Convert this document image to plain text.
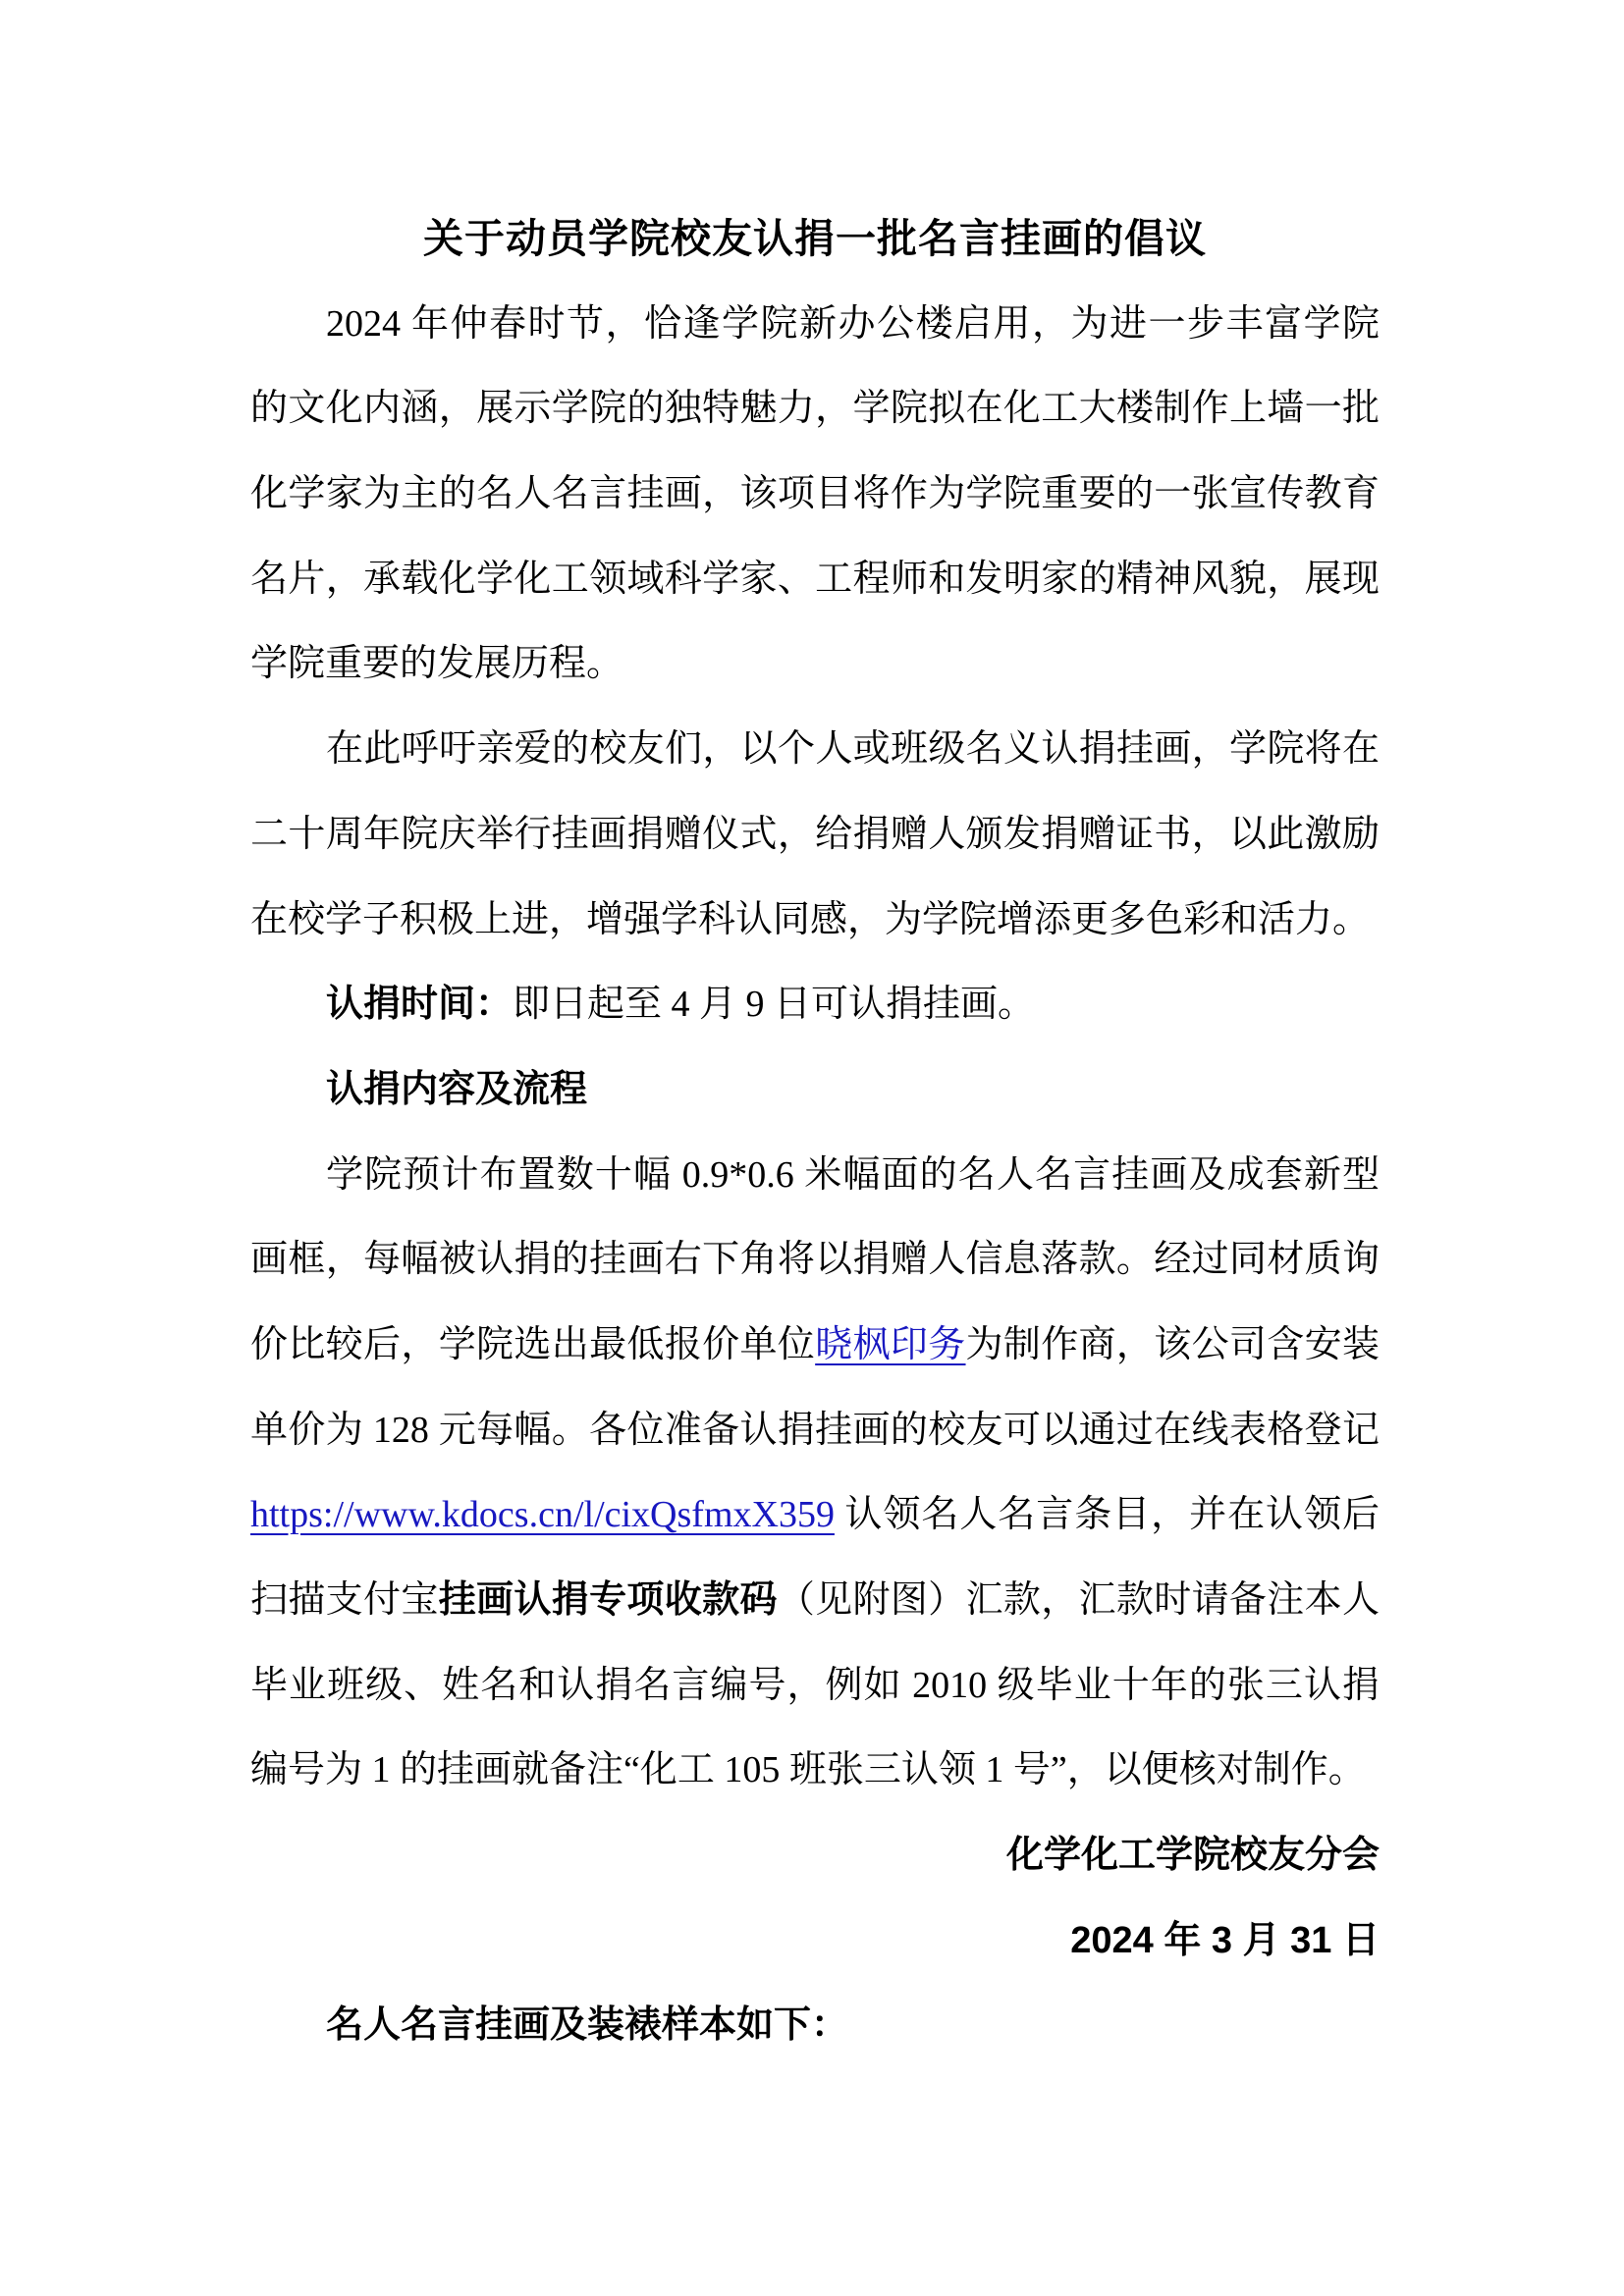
关于动员学院校友认捐一批名言挂画的倡议
2024 年仲春时节，恰逢学院新办公楼启用，为进一步丰富学院
的文化内涵，展示学院的独特魅力，学院拟在化工大楼制作上墙一批
化学家为主的名人名言挂画，该项目将作为学院重要的一张宣传教育
名片，承载化学化工领域科学家、工程师和发明家的精神风貌，展现
学院重要的发展历程。
在此呼吁亲爱的校友们，以个人或班级名义认捐挂画，学院将在
二十周年院庆举行挂画捐赠仪式，给捐赠人颁发捐赠证书，以此激励
在校学子积极上进，增强学科认同感，为学院增添更多色彩和活力。
认捐时间：即日起至 4 月 9 日可认捐挂画。
认捐内容及流程
学院预计布置数十幅 0.9*0.6 米幅面的名人名言挂画及成套新型
画框，每幅被认捐的挂画右下角将以捐赠人信息落款。经过同材质询
价比较后，学院选出最低报价单位晓枫印务为制作商，该公司含安装
单价为 128 元每幅。各位准备认捐挂画的校友可以通过在线表格登记
https://www.kdocs.cn/l/cixQsfmxX359 认领名人名言条目，并在认领后
扫描支付宝挂画认捐专项收款码（见附图）汇款，汇款时请备注本人
毕业班级、姓名和认捐名言编号，例如 2010 级毕业十年的张三认捐
编号为 1 的挂画就备注“化工 105 班张三认领 1 号”，以便核对制作。
化学化工学院校友分会
2024 年 3 月 31 日
名人名言挂画及装裱样本如下：
